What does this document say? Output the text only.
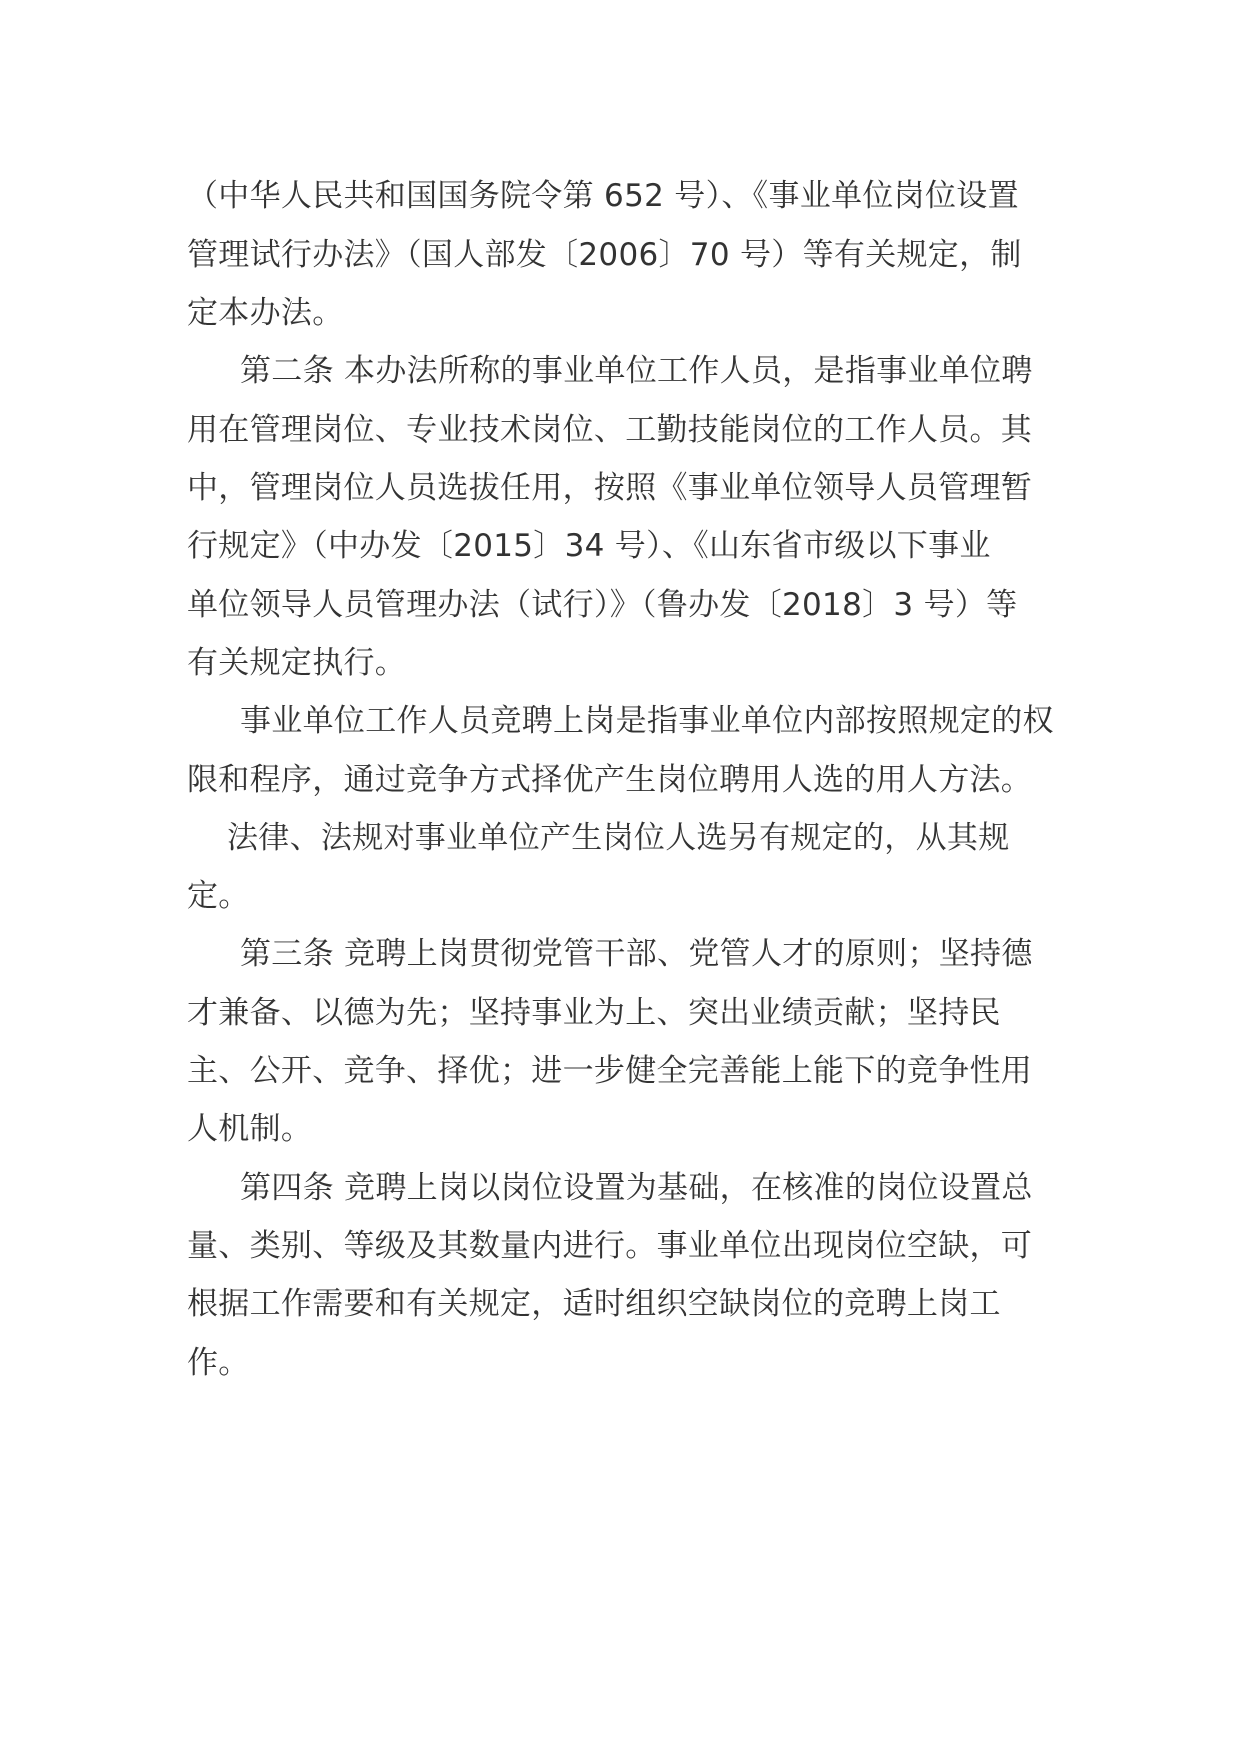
（中华人民共和国国务院令第 652 号）、《事业单位岗位设置
管理试行办法》（国人部发〔2006〕70 号）等有关规定，制
定本办法。
第二条 本办法所称的事业单位工作人员，是指事业单位聘
用在管理岗位、专业技术岗位、工勤技能岗位的工作人员。其
中，管理岗位人员选拔任用，按照《事业单位领导人员管理暂
行规定》（中办发〔2015〕34 号）、《山东省市级以下事业
单位领导人员管理办法（试行）》（鲁办发〔2018〕3 号）等
有关规定执行。
事业单位工作人员竞聘上岗是指事业单位内部按照规定的权
限和程序，通过竞争方式择优产生岗位聘用人选的用人方法。
法律、法规对事业单位产生岗位人选另有规定的，从其规
定。
第三条 竞聘上岗贯彻党管干部、党管人才的原则；坚持德
才兼备、以德为先；坚持事业为上、突出业绩贡献；坚持民
主、公开、竞争、择优；进一步健全完善能上能下的竞争性用
人机制。
第四条 竞聘上岗以岗位设置为基础，在核准的岗位设置总
量、类别、等级及其数量内进行。事业单位出现岗位空缺，可
根据工作需要和有关规定，适时组织空缺岗位的竞聘上岗工
作。
